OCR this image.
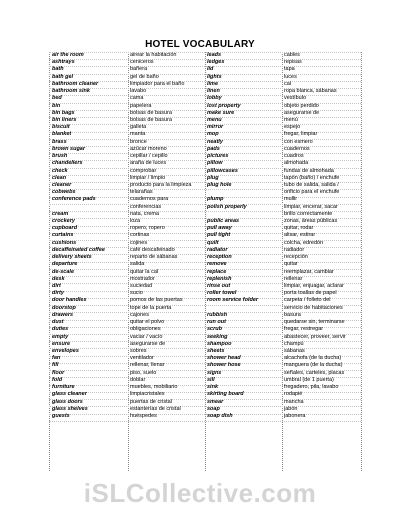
HOTEL VOCABULARY
air the room
ashtrays
bath
bath gel
bathroom cleaner
bathroom sink
bed
bin
bin bags
bin liners
biscuit
blanket
brass
brown sugar
brush
chandeliers
check
clean
cleaner
cobwebs
conference pads
cream
crockery
cupboard
curtains
cushions
decaffeinated coffee
delivery sheets
departure
de-scale
desk
dirt
dirty
door handles
doorstop
drawers
dust
duties
empty
ensure
envelopes
fan
fill
floor
fold
furniture
glass cleaner
glass doors
glass shelves
guests
airear la habitación
ceniceros
bañera
gel de baño
limpiador para el baño
lavabo
cama
papelera
bolsas de basura
bolsas de basura
galleta
manta
bronce
azúcar moreno
cepillar / cepillo
araña de luces
comprobar
limpiar / limpio
producto para la limpieza
telarañas
cuadernos para
conferencias
nata, crema
loza
ropero, ropero
cortinas
cojines
café descafeinado
reparto de sábanas
salida
quitar la cal
mostrador
suciedad
sucio
pomos de las puertas
tope de la puerta
cajones
quitar el polvo
obligaciones
vaciar / vacío
asegurarse de
sobres
ventilador
rellenar, llenar
piso, suelo
doblar
muebles, mobiliario
limpiacristales
puertas de cristal
estanterías de cristal
huéspedes
leads
ledges
lid
lights
lime
linen
lobby
lost property
make sure
menu
mirror
mop
neatly
pads
pictures
pillow
pillowcases
plug
plug hole
plump
polish properly
public areas
pull away
pull tight
quilt
radiator
reception
remove
replace
replenish
rinse out
roller towel
room service folder
rubbish
run out
scrub
seeking
shampoo
sheets
shower head
shower hose
signs
sill
sink
skirting board
smear
soap
soap dish
cables
repisas
tapa
luces
cal
ropa blanca, sábanas
vestíbulo
objeto perdido
asegurarse de
menú
espejo
fregar, limpiar
con esmero
cuadernos
cuadros
almohada
fundas de almohada
tapón (baño) / enchufe
tubo de salida, salida /
orificio para el enchufe
mullir
limpiar, encerar, sacar
brillo correctamente
zonas, áreas públicas
quitar, rodar
alisar, estirar
colcha, edredón
radiador
recepción
quitar
reemplazar, cambiar
rellenar
limpiar, enjuagar, aclarar
porta toallas de papel
carpeta / folleto del
servicio de habitaciones
basura
quedarse sin, terminarse
fregar, restregar
abastecer, proveer, servir
champú
sábanas
alcachofa (de la ducha)
manguera (de la ducha)
señales, carteles, placas
umbral (de 1 puerta)
fregadero, pila, lavabo
rodapié
mancha
jabón
jabonera
iSLCollective.com
